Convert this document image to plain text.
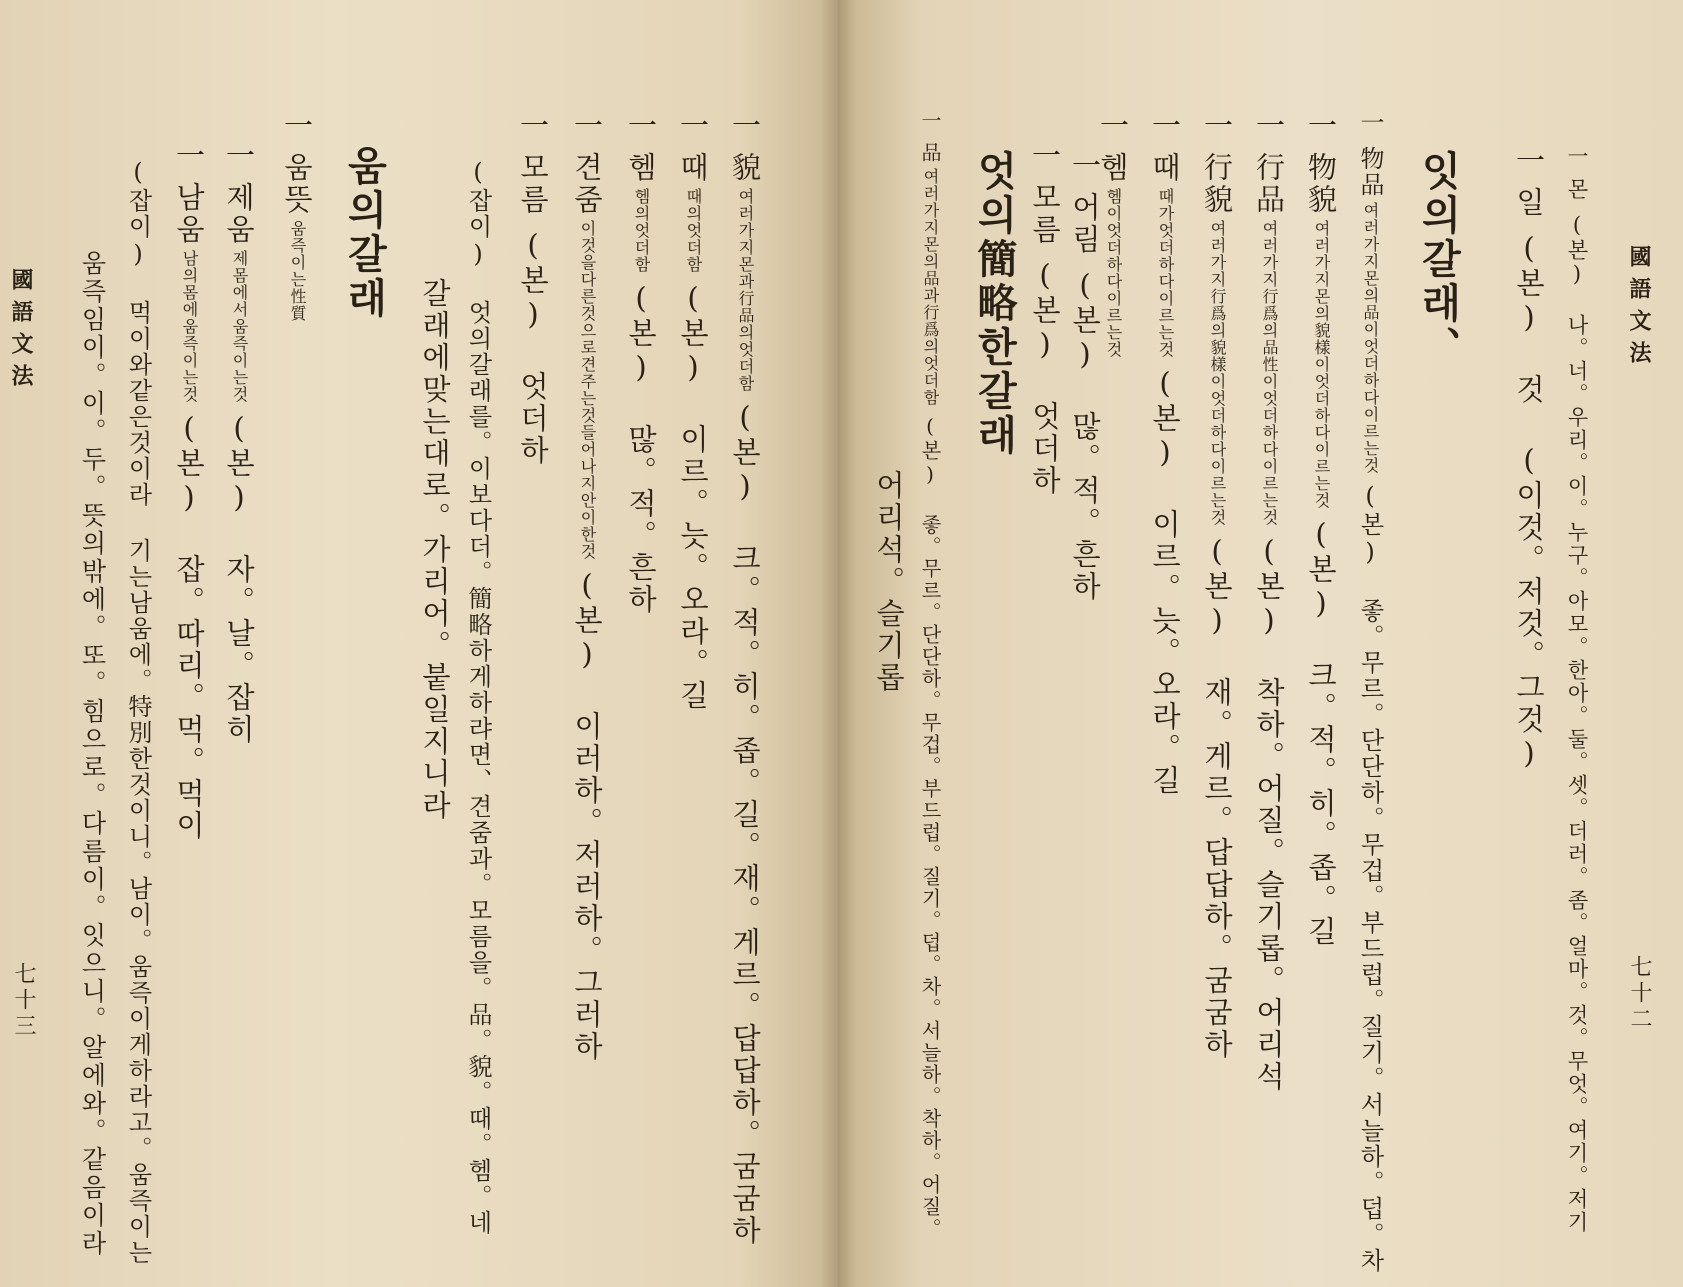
國語文法
七十三
一貌여러가지몬과行品의엇더함(본) 크。적。히。좁。길。재。게르。답답하。굼굼하
一때때의엇더함(본) 이르。늣。오라。길
一헴헴의엇더함(본) 많。적。흔하
一견줌이것을다른것으로견주는것들어나지안이한것(본) 이러하。저러하。그러하
一모름(본) 엇더하
(잡이) 엇의갈래를。이보다더。簡略하게하랴면、견줌과。모름을。品。貌。때。헴。네
갈래에맞는대로。가리어。붙일지니라
움의갈래
一움뜻움즉이는性質
一제움제몸에서움즉이는것(본) 자。날。잡히
一남움남의몸에움즉이는것(본) 잡。따리。먹。먹이
(잡이) 먹이와같은것이라 기는남움에。特別한것이니。남이。움즉이게하라고。움즉이는
움즉임이。이。두。뜻의밖에。또。힘으로。다름이。잇으니。알에와。같음이라	國語文法
七十二
一몬(본) 나。너。우리。이。누구。아모。한아。둘。셋。더러。좀。얼마。것。무엇。여기。저기
一일(본) 것 (이것。저것。그것)
잇의갈래、
一物品여러가지몬의品이엇더하다이르는것(본) 좋。무르。단단하。무겁。부드럽。질기。서늘하。덥。차
一物貌여러가지몬의貌樣이엇더하다이르는것(본) 크。적。히。좁。길
一行品여러가지行爲의品性이엇더하다이르는것(본) 착하。어질。슬기롭。어리석
一行貌여러가지行爲의貌樣이엇더하다이르는것(본) 재。게르。답답하。굼굼하
一때때가엇더하다이르는것(본) 이르。늣。오라。길
一헴헴이엇더하다이르는것
一어림(본) 많。적。흔하
一모름(본) 엇더하
엇의簡略한갈래
一品여러가지몬의品과行爲의엇더함(본) 좋。무르。단단하。무겁。부드럽。질기。덥。차。서늘하。착하。어질。
어리석。슬기롭
